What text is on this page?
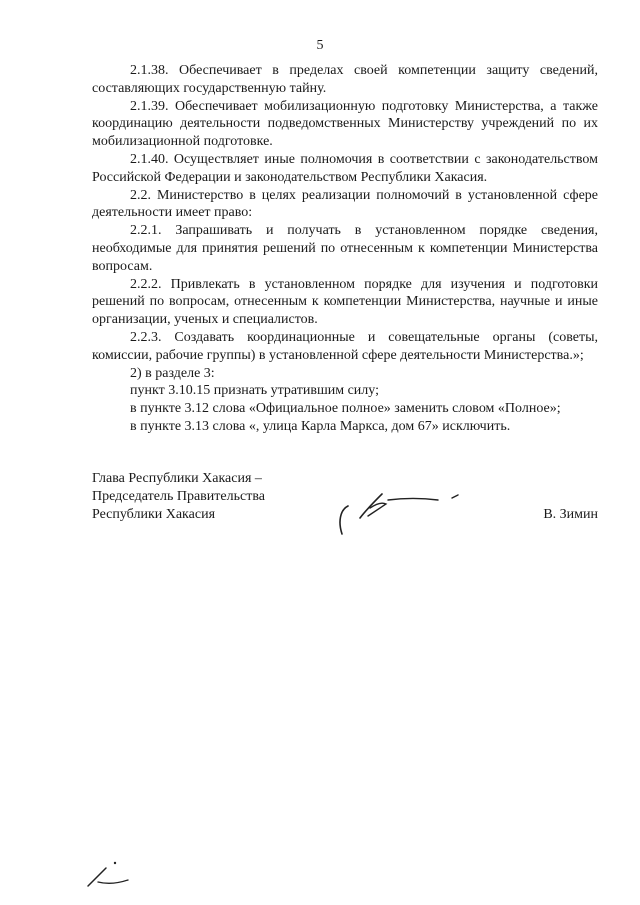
5

2.1.38. Обеспечивает в пределах своей компетенции защиту сведений, составляющих государственную тайну.

2.1.39. Обеспечивает мобилизационную подготовку Министерства, а также координацию деятельности подведомственных Министерству учреждений по их мобилизационной подготовке.

2.1.40. Осуществляет иные полномочия в соответствии с законодательством Российской Федерации и законодательством Республики Хакасия.

2.2. Министерство в целях реализации полномочий в установленной сфере деятельности имеет право:

2.2.1. Запрашивать и получать в установленном порядке сведения, необходимые для принятия решений по отнесенным к компетенции Министерства вопросам.

2.2.2. Привлекать в установленном порядке для изучения и подготовки решений по вопросам, отнесенным к компетенции Министерства, научные и иные организации, ученых и специалистов.

2.2.3. Создавать координационные и совещательные органы (советы, комиссии, рабочие группы) в установленной сфере деятельности Министерства.»;

2) в разделе 3:

пункт 3.10.15 признать утратившим силу;

в пункте 3.12 слова «Официальное полное» заменить словом «Полное»;

в пункте 3.13 слова «, улица Карла Маркса, дом 67» исключить.

Глава Республики Хакасия –
Председатель Правительства
Республики Хакасия	В. Зимин
